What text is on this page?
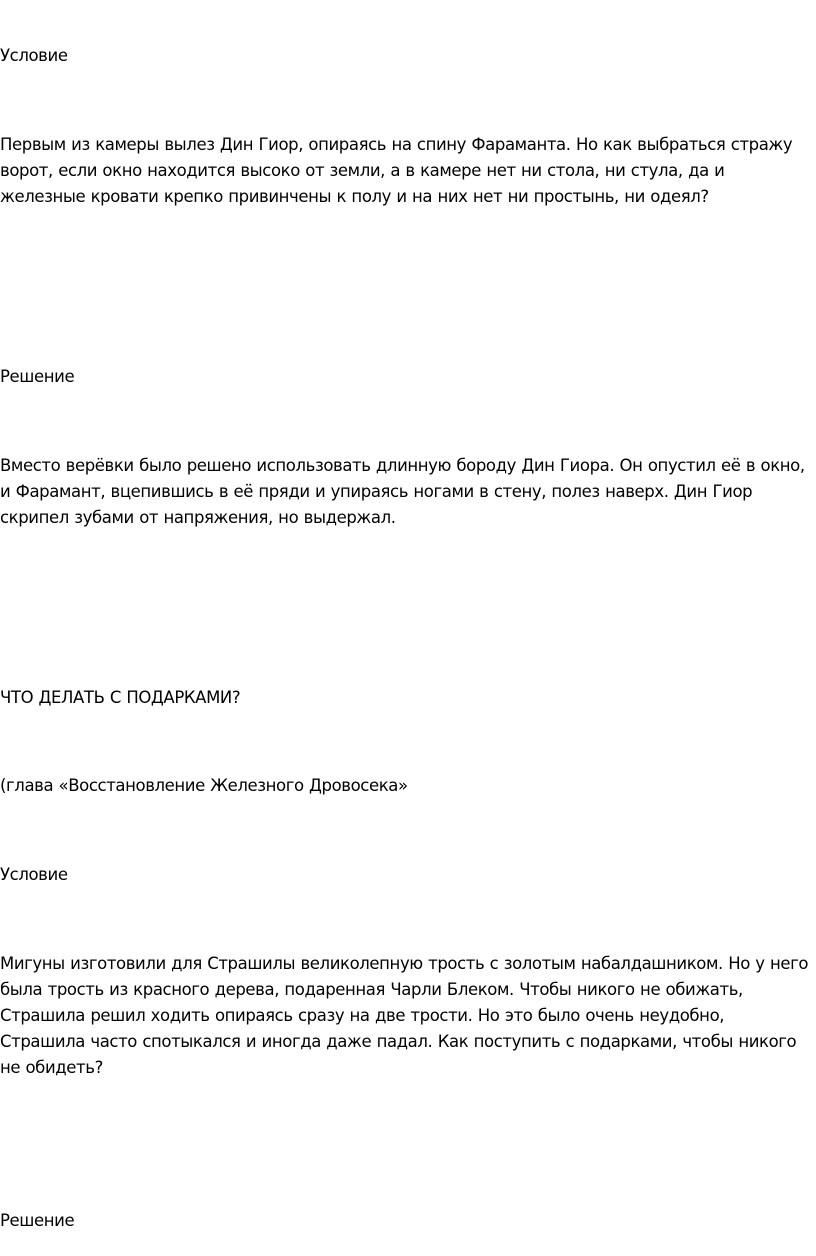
Условие

Первым из камеры вылез Дин Гиор, опираясь на спину Фараманта. Но как выбраться стражу ворот, если окно находится высоко от земли, а в камере нет ни стола, ни стула, да и железные кровати крепко привинчены к полу и на них нет ни простынь, ни одеял?

Решение

Вместо верёвки было решено использовать длинную бороду Дин Гиора. Он опустил её в окно, и Фарамант, вцепившись в её пряди и упираясь ногами в стену, полез наверх. Дин Гиор скрипел зубами от напряжения, но выдержал.

ЧТО ДЕЛАТЬ С ПОДАРКАМИ?

(глава «Восстановление Железного Дровосека»

Условие

Мигуны изготовили для Страшилы великолепную трость с золотым набалдашником. Но у него была трость из красного дерева, подаренная Чарли Блеком. Чтобы никого не обижать, Страшила решил ходить опираясь сразу на две трости. Но это было очень неудобно, Страшила часто спотыкался и иногда даже падал. Как поступить с подарками, чтобы никого не обидеть?

Решение
